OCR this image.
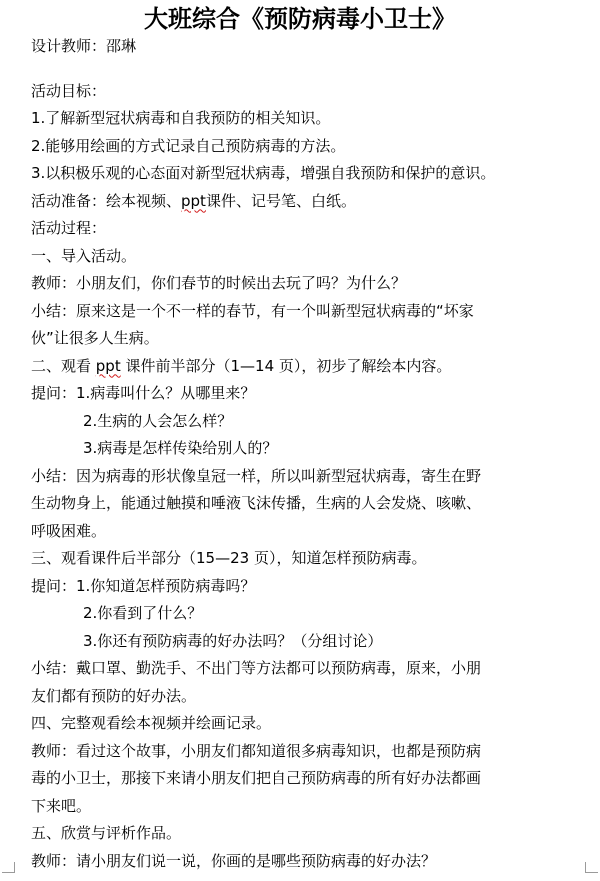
大班综合《预防病毒小卫士》
设计教师：邵琳
活动目标：
1.了解新型冠状病毒和自我预防的相关知识。
2.能够用绘画的方式记录自己预防病毒的方法。
3.以积极乐观的心态面对新型冠状病毒，增强自我预防和保护的意识。
活动准备：绘本视频、ppt课件、记号笔、白纸。
活动过程：
一、导入活动。
教师：小朋友们，你们春节的时候出去玩了吗？为什么？
小结：原来这是一个不一样的春节，有一个叫新型冠状病毒的“坏家
伙”让很多人生病。
二、观看 ppt 课件前半部分（1—14 页），初步了解绘本内容。
提问：1.病毒叫什么？从哪里来？
2.生病的人会怎么样？
3.病毒是怎样传染给别人的？
小结：因为病毒的形状像皇冠一样，所以叫新型冠状病毒，寄生在野
生动物身上，能通过触摸和唾液飞沫传播，生病的人会发烧、咳嗽、
呼吸困难。
三、观看课件后半部分（15—23 页），知道怎样预防病毒。
提问：1.你知道怎样预防病毒吗？
2.你看到了什么？
3.你还有预防病毒的好办法吗？（分组讨论）
小结：戴口罩、勤洗手、不出门等方法都可以预防病毒，原来，小朋
友们都有预防的好办法。
四、完整观看绘本视频并绘画记录。
教师：看过这个故事，小朋友们都知道很多病毒知识，也都是预防病
毒的小卫士，那接下来请小朋友们把自己预防病毒的所有好办法都画
下来吧。
五、欣赏与评析作品。
教师：请小朋友们说一说，你画的是哪些预防病毒的好办法？
